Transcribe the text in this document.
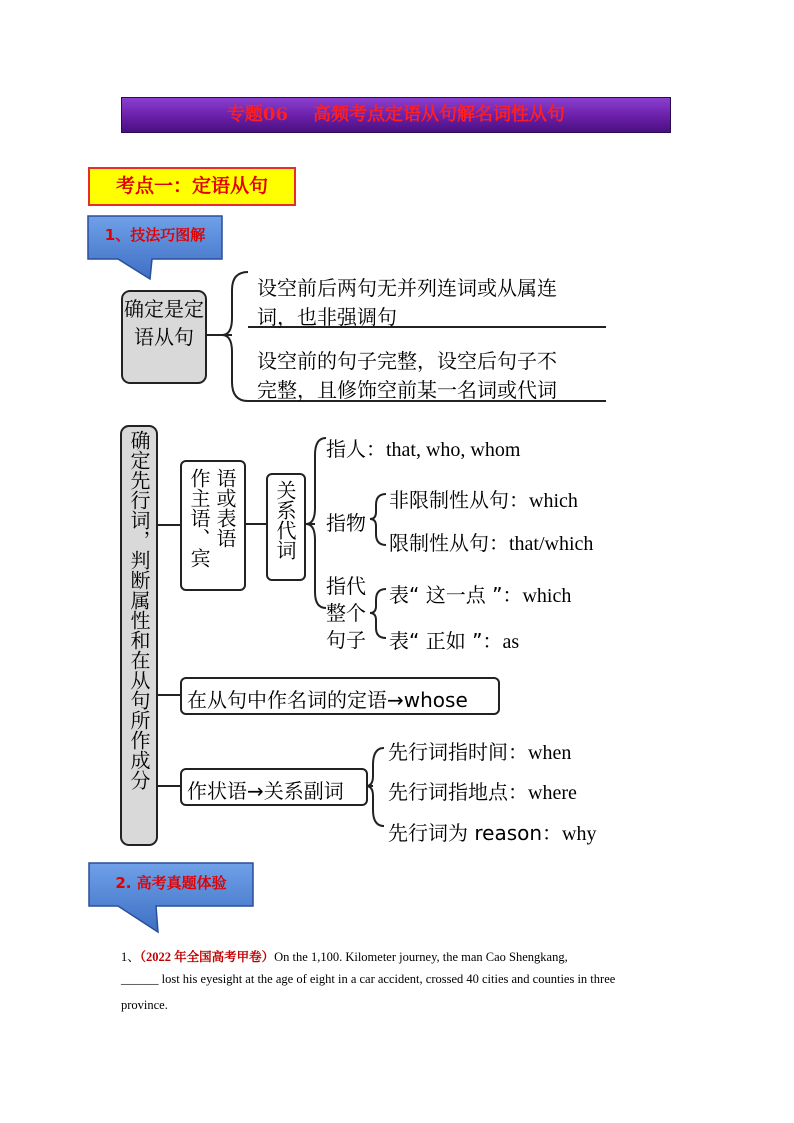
专题06    高频考点定语从句解名词性从句
考点一：定语从句
1、技法巧图解
2. 高考真题体验
确定是定语从句
设空前后两句无并列连词或从属连
词，也非强调句
设空前的句子完整，设空后句子不
完整，且修饰空前某一名词或代词
确定先行词，判断属性和在从句所作成分	语或表语
作主语、宾	关系代词
指人：that, who, whom
指物
非限制性从句：which
限制性从句：that/which
指代
整个
句子
表“ 这一点 ”：which
表“ 正如 ”：as
在从句中作名词的定语→whose
作状语→关系副词
先行词指时间：when
先行词指地点：where
先行词为 reason：why
1、（2022 年全国高考甲卷）On the 1,100. Kilometer journey, the man Cao Shengkang,
______ lost his eyesight at the age of eight in a car accident, crossed 40 cities and counties in three
province.
